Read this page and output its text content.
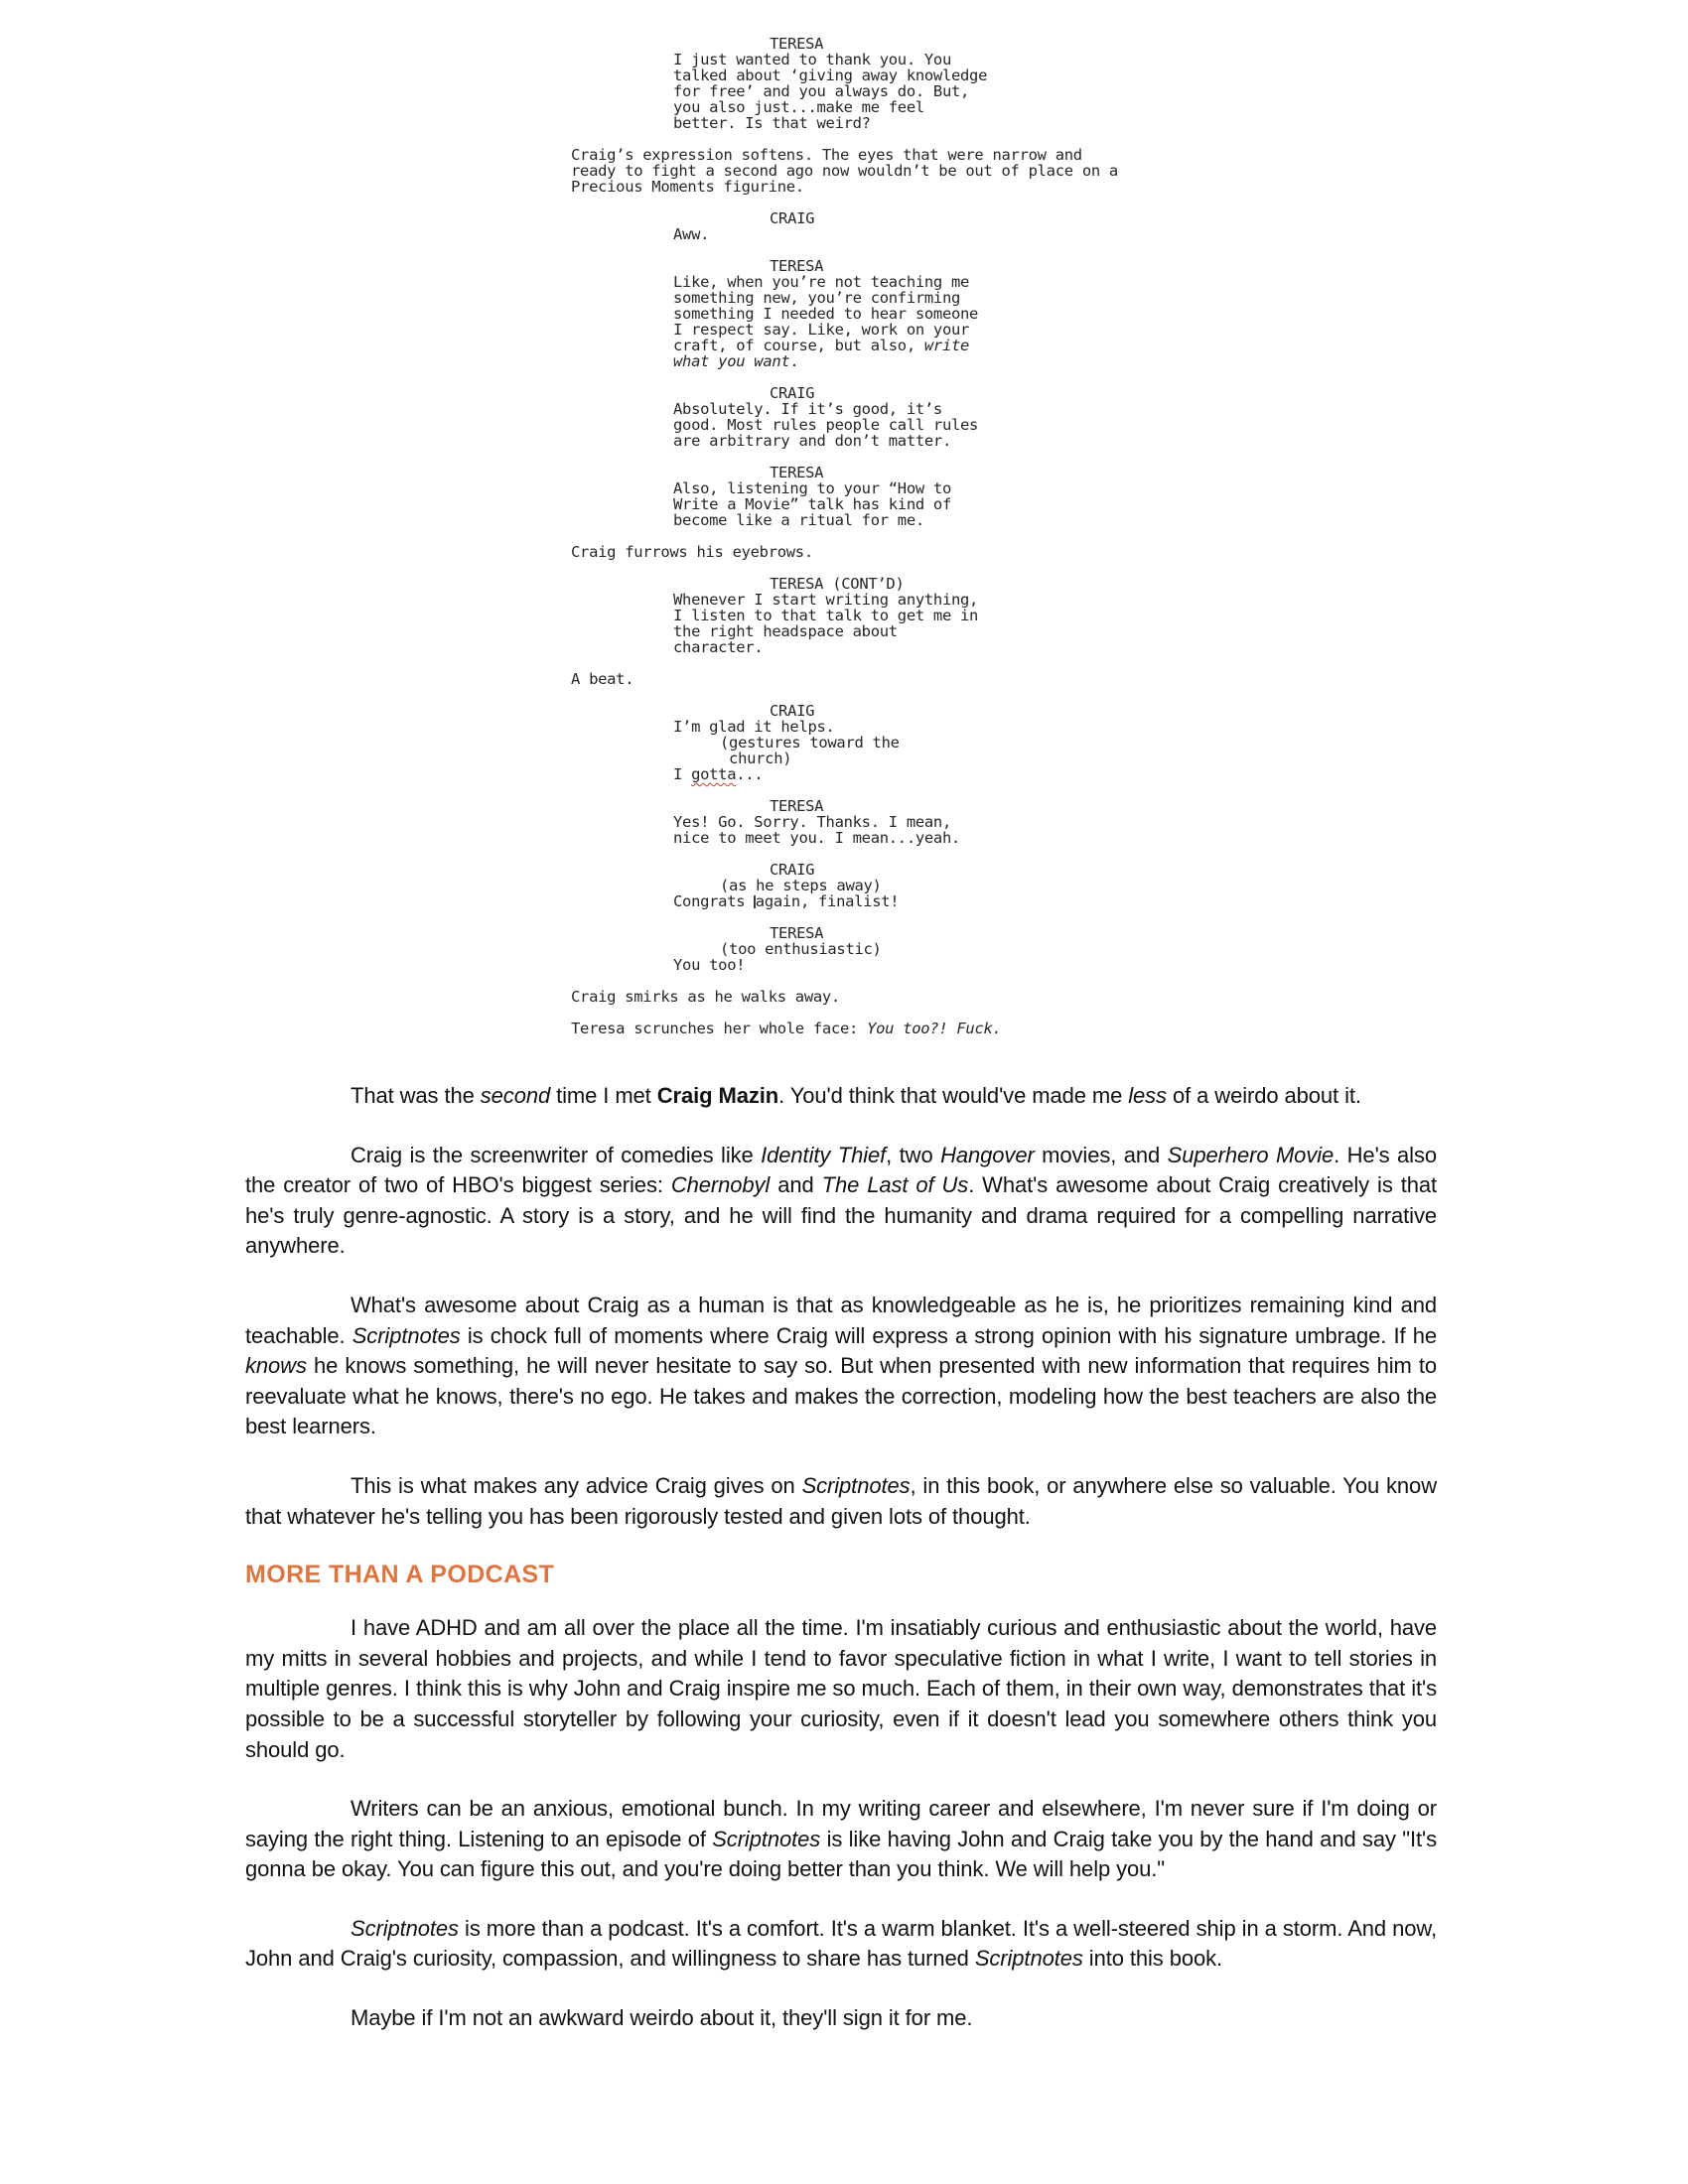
TERESA
I just wanted to thank you. You
talked about ‘giving away knowledge
for free’ and you always do. But,
you also just...make me feel
better. Is that weird?
Craig’s expression softens. The eyes that were narrow and
ready to fight a second ago now wouldn’t be out of place on a
Precious Moments figurine.
CRAIG
Aww.
TERESA
Like, when you’re not teaching me
something new, you’re confirming
something I needed to hear someone
I respect say. Like, work on your
craft, of course, but also, write
what you want.
CRAIG
Absolutely. If it’s good, it’s
good. Most rules people call rules
are arbitrary and don’t matter.
TERESA
Also, listening to your “How to
Write a Movie” talk has kind of
become like a ritual for me.
Craig furrows his eyebrows.
TERESA (CONT’D)
Whenever I start writing anything,
I listen to that talk to get me in
the right headspace about
character.
A beat.
CRAIG
I’m glad it helps.
(gestures toward the
church)
I gotta...
TERESA
Yes! Go. Sorry. Thanks. I mean,
nice to meet you. I mean...yeah.
CRAIG
(as he steps away)
Congrats again, finalist!
TERESA
(too enthusiastic)
You too!
Craig smirks as he walks away.
Teresa scrunches her whole face: You too?! Fuck.

That was the second time I met Craig Mazin. You'd think that would've made me less of a weirdo about it.

Craig is the screenwriter of comedies like Identity Thief, two Hangover movies, and Superhero Movie. He's also the creator of two of HBO's biggest series: Chernobyl and The Last of Us. What's awesome about Craig creatively is that he's truly genre-agnostic. A story is a story, and he will find the humanity and drama required for a compelling narrative anywhere.

What's awesome about Craig as a human is that as knowledgeable as he is, he prioritizes remaining kind and teachable. Scriptnotes is chock full of moments where Craig will express a strong opinion with his signature umbrage. If he knows he knows something, he will never hesitate to say so. But when presented with new information that requires him to reevaluate what he knows, there's no ego. He takes and makes the correction, modeling how the best teachers are also the best learners.

This is what makes any advice Craig gives on Scriptnotes, in this book, or anywhere else so valuable. You know that whatever he's telling you has been rigorously tested and given lots of thought.

MORE THAN A PODCAST

I have ADHD and am all over the place all the time. I'm insatiably curious and enthusiastic about the world, have my mitts in several hobbies and projects, and while I tend to favor speculative fiction in what I write, I want to tell stories in multiple genres. I think this is why John and Craig inspire me so much. Each of them, in their own way, demonstrates that it's possible to be a successful storyteller by following your curiosity, even if it doesn't lead you somewhere others think you should go.

Writers can be an anxious, emotional bunch. In my writing career and elsewhere, I'm never sure if I'm doing or saying the right thing. Listening to an episode of Scriptnotes is like having John and Craig take you by the hand and say "It's gonna be okay. You can figure this out, and you're doing better than you think. We will help you."

Scriptnotes is more than a podcast. It's a comfort. It's a warm blanket. It's a well-steered ship in a storm. And now, John and Craig's curiosity, compassion, and willingness to share has turned Scriptnotes into this book.

Maybe if I'm not an awkward weirdo about it, they'll sign it for me.
